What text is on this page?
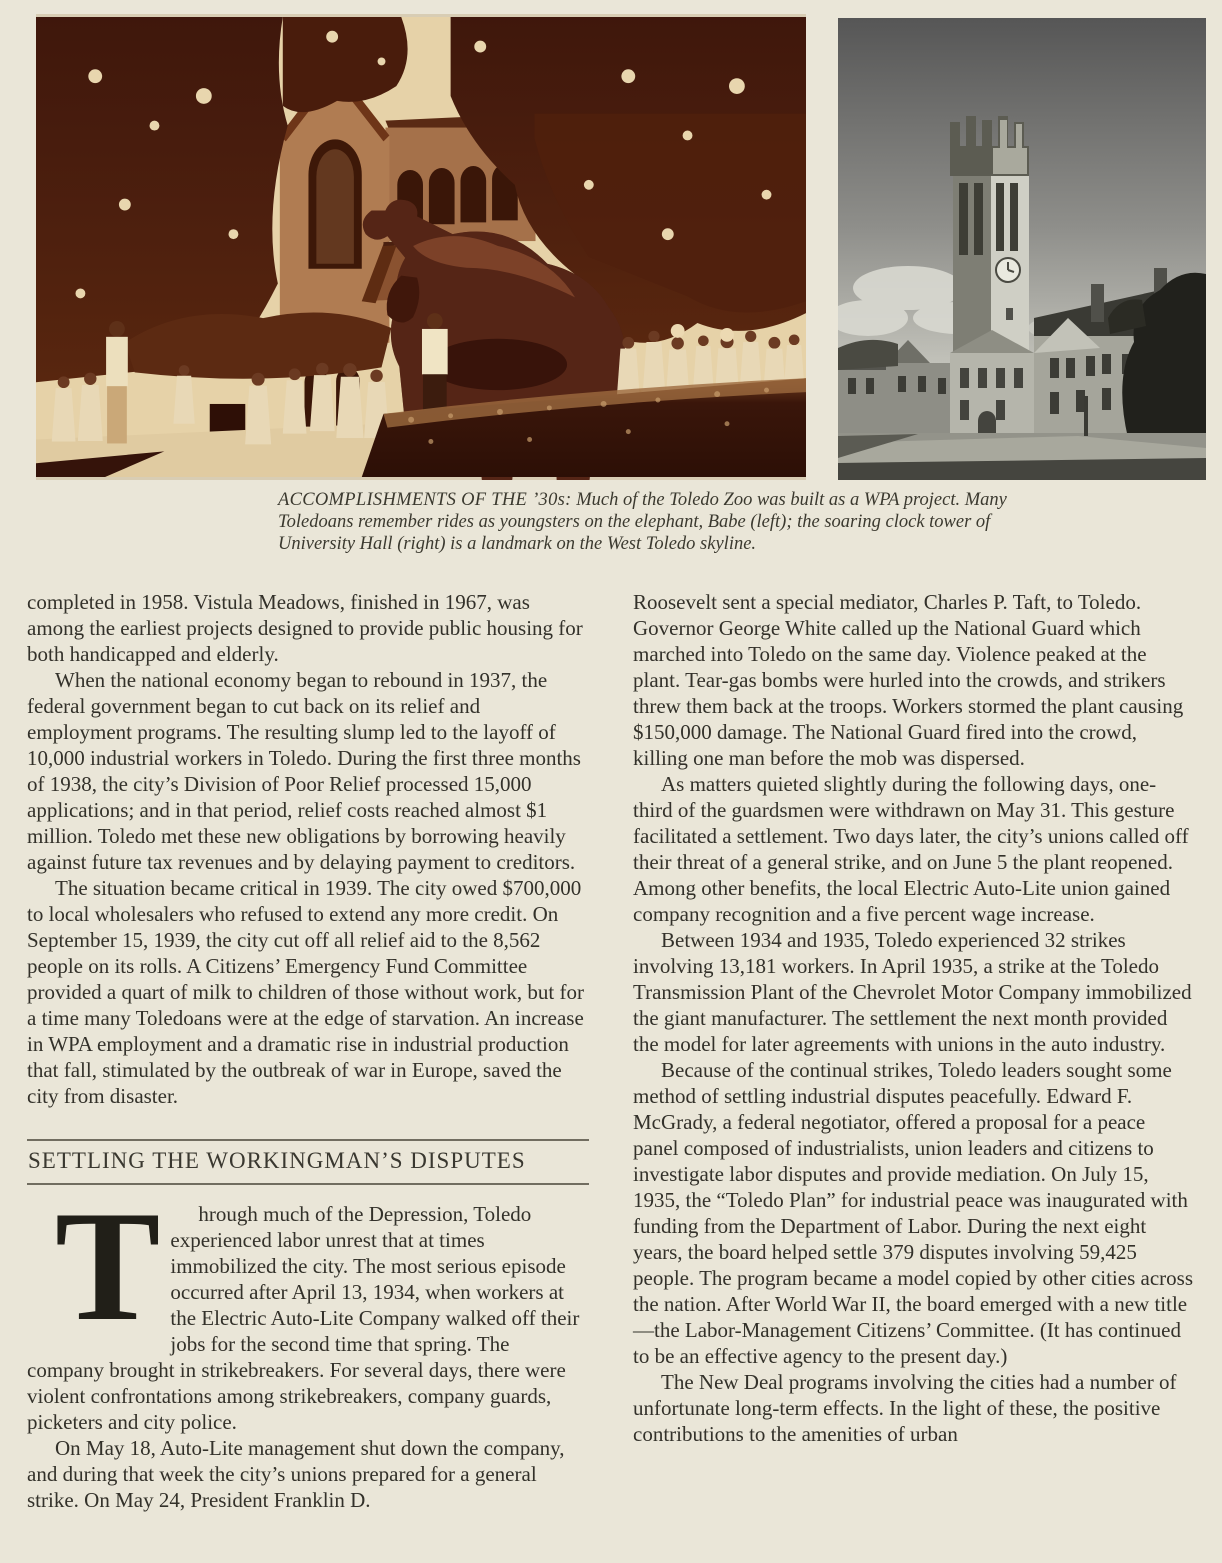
ACCOMPLISHMENTS OF THE ’30s: Much of the Toledo Zoo was built as a WPA project. Many Toledoans remember rides as youngsters on the elephant, Babe (left); the soaring clock tower of University Hall (right) is a landmark on the West Toledo skyline.

completed in 1958. Vistula Meadows, finished in 1967, was among the earliest projects designed to provide public housing for both handicapped and elderly.

When the national economy began to rebound in 1937, the federal government began to cut back on its relief and employment programs. The resulting slump led to the layoff of 10,000 industrial workers in Toledo. During the first three months of 1938, the city’s Division of Poor Relief processed 15,000 applications; and in that period, relief costs reached almost $1 million. Toledo met these new obligations by borrowing heavily against future tax revenues and by delaying payment to creditors.

The situation became critical in 1939. The city owed $700,000 to local wholesalers who refused to extend any more credit. On September 15, 1939, the city cut off all relief aid to the 8,562 people on its rolls. A Citizens’ Emergency Fund Committee provided a quart of milk to children of those without work, but for a time many Toledoans were at the edge of starvation. An increase in WPA employment and a dramatic rise in industrial production that fall, stimulated by the outbreak of war in Europe, saved the city from disaster.

SETTLING THE WORKINGMAN’S DISPUTES

T hrough much of the Depression, Toledo experienced labor unrest that at times immobilized the city. The most serious episode occurred after April 13, 1934, when workers at the Electric Auto-Lite Company walked off their jobs for the second time that spring. The company brought in strikebreakers. For several days, there were violent confrontations among strikebreakers, company guards, picketers and city police.

On May 18, Auto-Lite management shut down the company, and during that week the city’s unions prepared for a general strike. On May 24, President Franklin D.

Roosevelt sent a special mediator, Charles P. Taft, to Toledo. Governor George White called up the National Guard which marched into Toledo on the same day. Violence peaked at the plant. Tear-gas bombs were hurled into the crowds, and strikers threw them back at the troops. Workers stormed the plant causing $150,000 damage. The National Guard fired into the crowd, killing one man before the mob was dispersed.

As matters quieted slightly during the following days, one-third of the guardsmen were withdrawn on May 31. This gesture facilitated a settlement. Two days later, the city’s unions called off their threat of a general strike, and on June 5 the plant reopened. Among other benefits, the local Electric Auto-Lite union gained company recognition and a five percent wage increase.

Between 1934 and 1935, Toledo experienced 32 strikes involving 13,181 workers. In April 1935, a strike at the Toledo Transmission Plant of the Chevrolet Motor Company immobilized the giant manufacturer. The settlement the next month provided the model for later agreements with unions in the auto industry.

Because of the continual strikes, Toledo leaders sought some method of settling industrial disputes peacefully. Edward F. McGrady, a federal negotiator, offered a proposal for a peace panel composed of industrialists, union leaders and citizens to investigate labor disputes and provide mediation. On July 15, 1935, the “Toledo Plan” for industrial peace was inaugurated with funding from the Department of Labor. During the next eight years, the board helped settle 379 disputes involving 59,425 people. The program became a model copied by other cities across the nation. After World War II, the board emerged with a new title—the Labor-Management Citizens’ Committee. (It has continued to be an effective agency to the present day.)

The New Deal programs involving the cities had a number of unfortunate long-term effects. In the light of these, the positive contributions to the amenities of urban
